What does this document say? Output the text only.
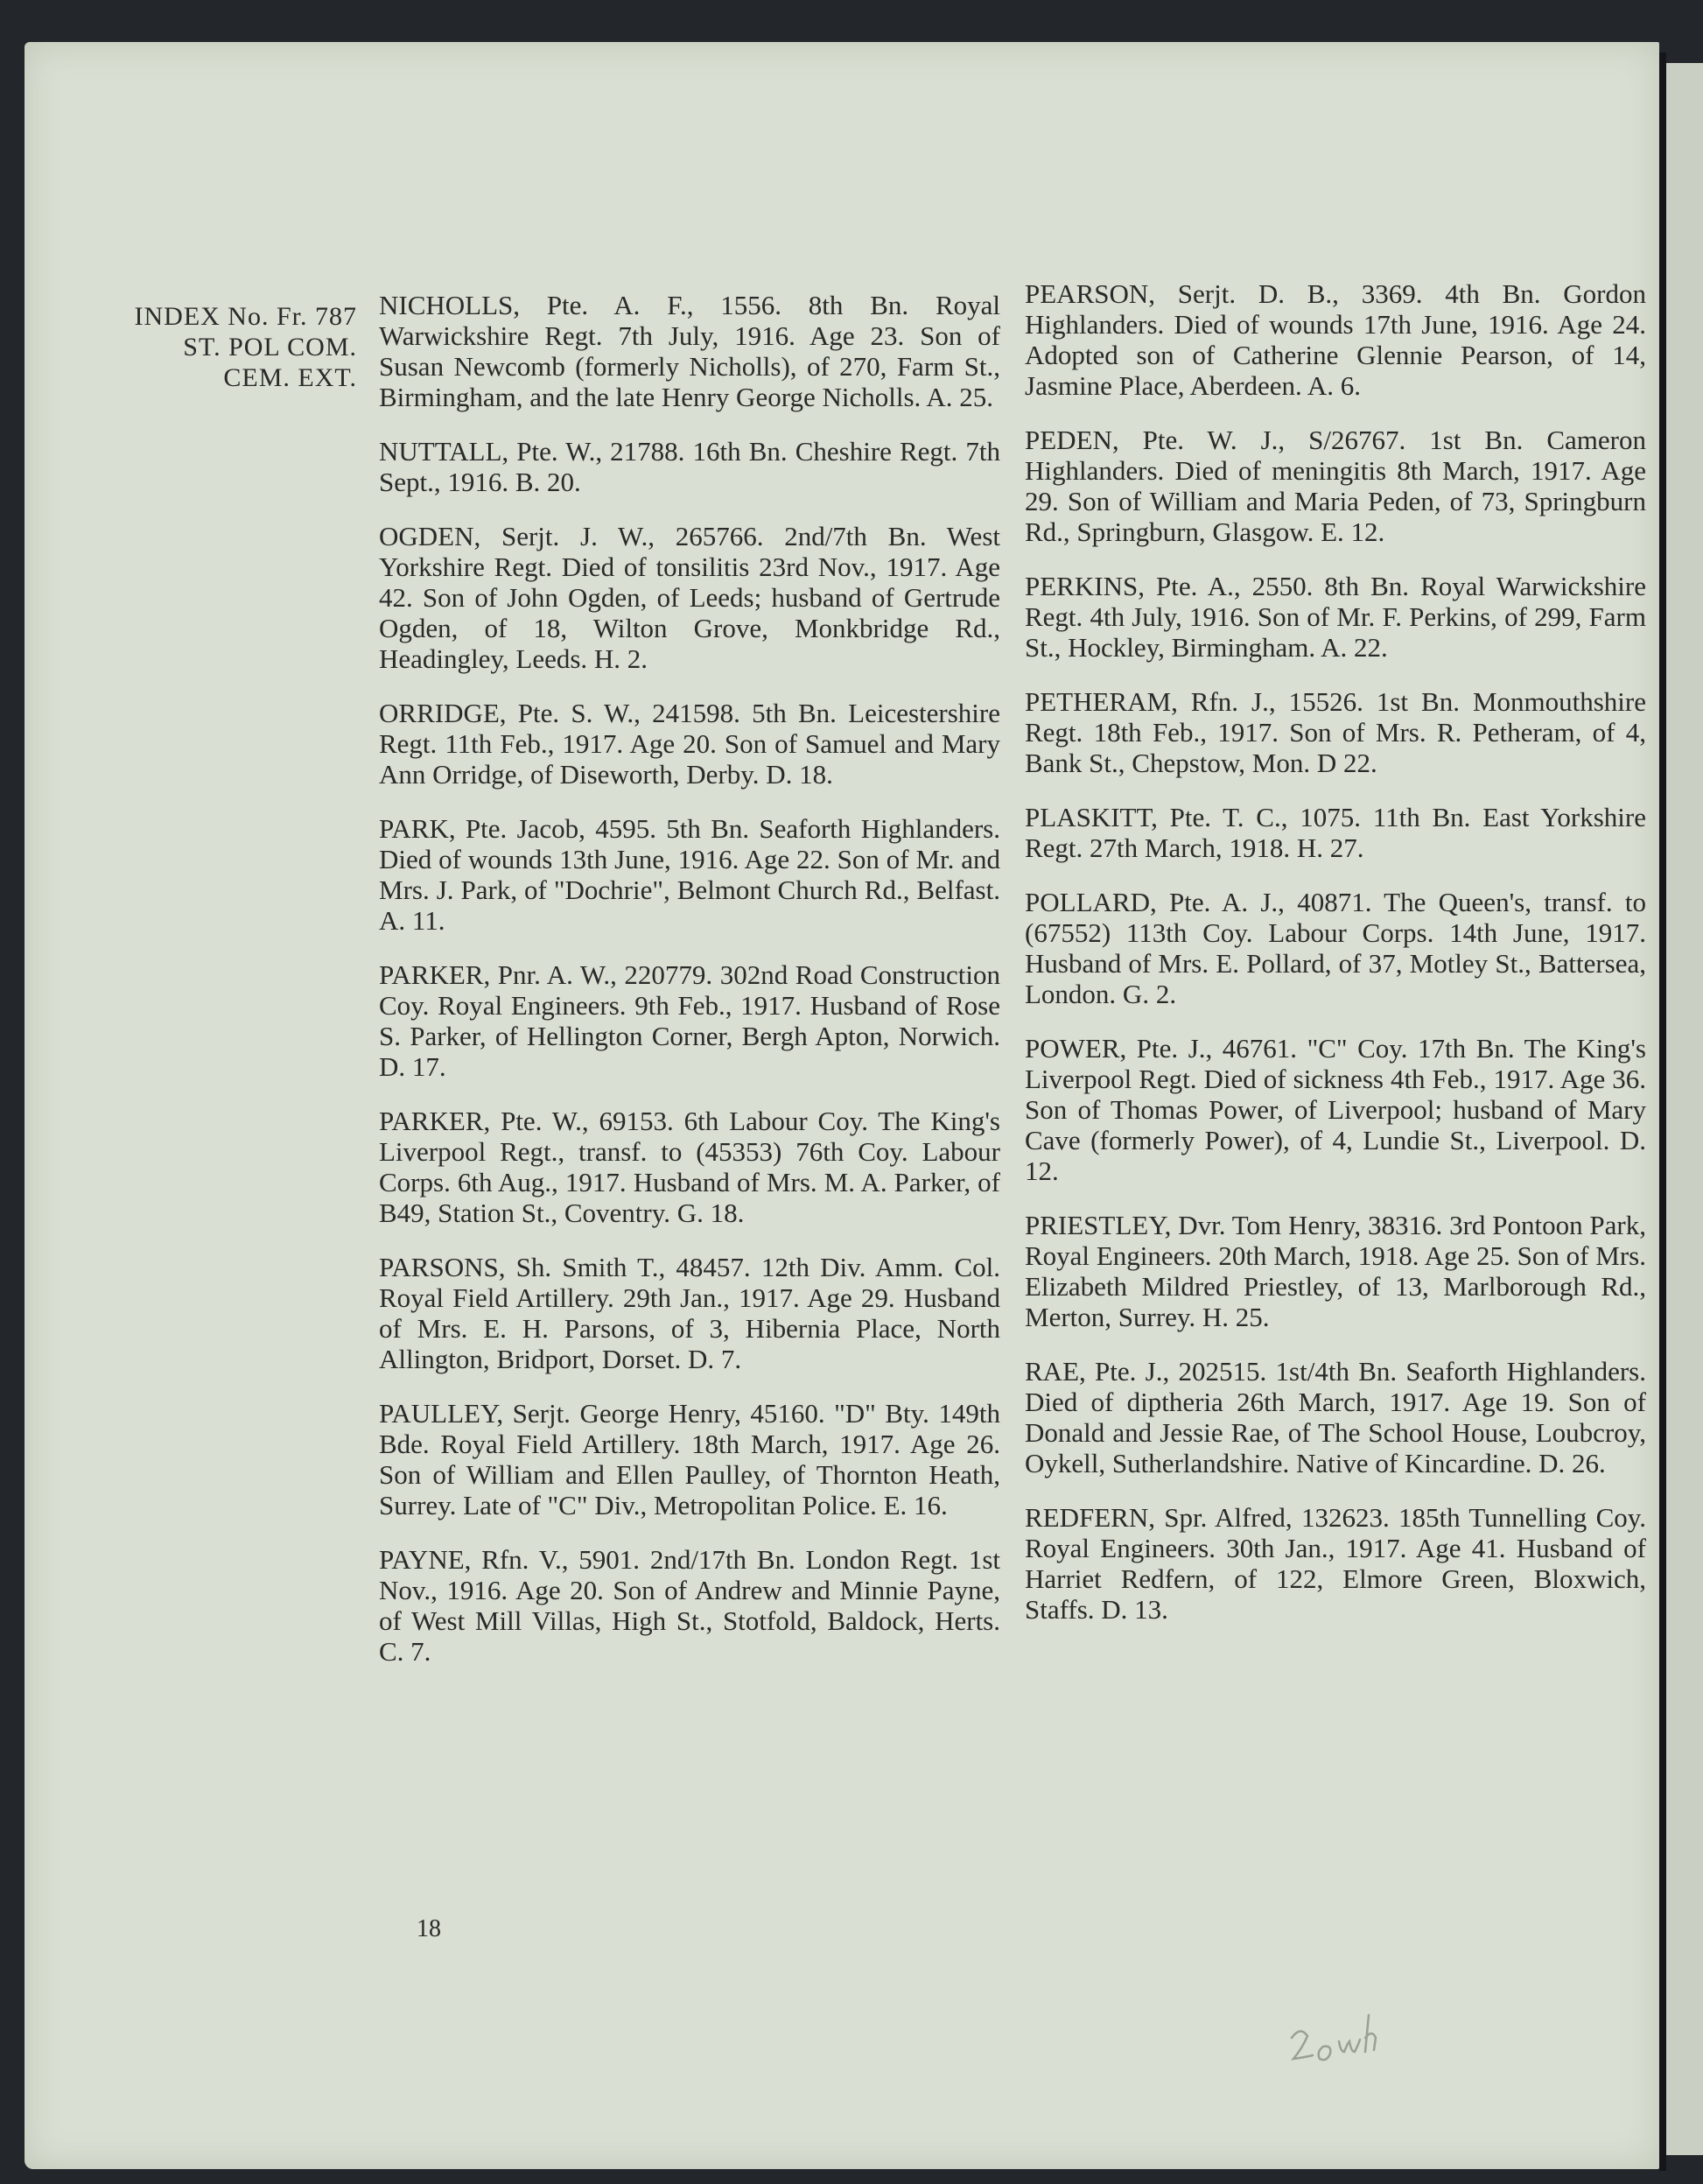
INDEX No. Fr. 787
ST. POL COM.
CEM. EXT.

NICHOLLS, Pte. A. F., 1556. 8th Bn. Royal Warwickshire Regt. 7th July, 1916. Age 23. Son of Susan Newcomb (formerly Nicholls), of 270, Farm St., Birmingham, and the late Henry George Nicholls. A. 25.

NUTTALL, Pte. W., 21788. 16th Bn. Cheshire Regt. 7th Sept., 1916. B. 20.

OGDEN, Serjt. J. W., 265766. 2nd/7th Bn. West Yorkshire Regt. Died of tonsilitis 23rd Nov., 1917. Age 42. Son of John Ogden, of Leeds; husband of Gertrude Ogden, of 18, Wilton Grove, Monkbridge Rd., Headingley, Leeds. H. 2.

ORRIDGE, Pte. S. W., 241598. 5th Bn. Leicestershire Regt. 11th Feb., 1917. Age 20. Son of Samuel and Mary Ann Orridge, of Diseworth, Derby. D. 18.

PARK, Pte. Jacob, 4595. 5th Bn. Seaforth Highlanders. Died of wounds 13th June, 1916. Age 22. Son of Mr. and Mrs. J. Park, of "Dochrie", Belmont Church Rd., Belfast. A. 11.

PARKER, Pnr. A. W., 220779. 302nd Road Construction Coy. Royal Engineers. 9th Feb., 1917. Husband of Rose S. Parker, of Hellington Corner, Bergh Apton, Norwich. D. 17.

PARKER, Pte. W., 69153. 6th Labour Coy. The King's Liverpool Regt., transf. to (45353) 76th Coy. Labour Corps. 6th Aug., 1917. Husband of Mrs. M. A. Parker, of B49, Station St., Coventry. G. 18.

PARSONS, Sh. Smith T., 48457. 12th Div. Amm. Col. Royal Field Artillery. 29th Jan., 1917. Age 29. Husband of Mrs. E. H. Parsons, of 3, Hibernia Place, North Allington, Bridport, Dorset. D. 7.

PAULLEY, Serjt. George Henry, 45160. "D" Bty. 149th Bde. Royal Field Artillery. 18th March, 1917. Age 26. Son of William and Ellen Paulley, of Thornton Heath, Surrey. Late of "C" Div., Metropolitan Police. E. 16.

PAYNE, Rfn. V., 5901. 2nd/17th Bn. London Regt. 1st Nov., 1916. Age 20. Son of Andrew and Minnie Payne, of West Mill Villas, High St., Stotfold, Baldock, Herts. C. 7.

PEARSON, Serjt. D. B., 3369. 4th Bn. Gordon Highlanders. Died of wounds 17th June, 1916. Age 24. Adopted son of Catherine Glennie Pearson, of 14, Jasmine Place, Aberdeen. A. 6.

PEDEN, Pte. W. J., S/26767. 1st Bn. Cameron Highlanders. Died of meningitis 8th March, 1917. Age 29. Son of William and Maria Peden, of 73, Springburn Rd., Springburn, Glasgow. E. 12.

PERKINS, Pte. A., 2550. 8th Bn. Royal Warwickshire Regt. 4th July, 1916. Son of Mr. F. Perkins, of 299, Farm St., Hockley, Birmingham. A. 22.

PETHERAM, Rfn. J., 15526. 1st Bn. Monmouthshire Regt. 18th Feb., 1917. Son of Mrs. R. Petheram, of 4, Bank St., Chepstow, Mon. D 22.

PLASKITT, Pte. T. C., 1075. 11th Bn. East Yorkshire Regt. 27th March, 1918. H. 27.

POLLARD, Pte. A. J., 40871. The Queen's, transf. to (67552) 113th Coy. Labour Corps. 14th June, 1917. Husband of Mrs. E. Pollard, of 37, Motley St., Battersea, London. G. 2.

POWER, Pte. J., 46761. "C" Coy. 17th Bn. The King's Liverpool Regt. Died of sickness 4th Feb., 1917. Age 36. Son of Thomas Power, of Liverpool; husband of Mary Cave (formerly Power), of 4, Lundie St., Liverpool. D. 12.

PRIESTLEY, Dvr. Tom Henry, 38316. 3rd Pontoon Park, Royal Engineers. 20th March, 1918. Age 25. Son of Mrs. Elizabeth Mildred Priestley, of 13, Marlborough Rd., Merton, Surrey. H. 25.

RAE, Pte. J., 202515. 1st/4th Bn. Seaforth Highlanders. Died of diptheria 26th March, 1917. Age 19. Son of Donald and Jessie Rae, of The School House, Loubcroy, Oykell, Sutherlandshire. Native of Kincardine. D. 26.

REDFERN, Spr. Alfred, 132623. 185th Tunnelling Coy. Royal Engineers. 30th Jan., 1917. Age 41. Husband of Harriet Redfern, of 122, Elmore Green, Bloxwich, Staffs. D. 13.

18
